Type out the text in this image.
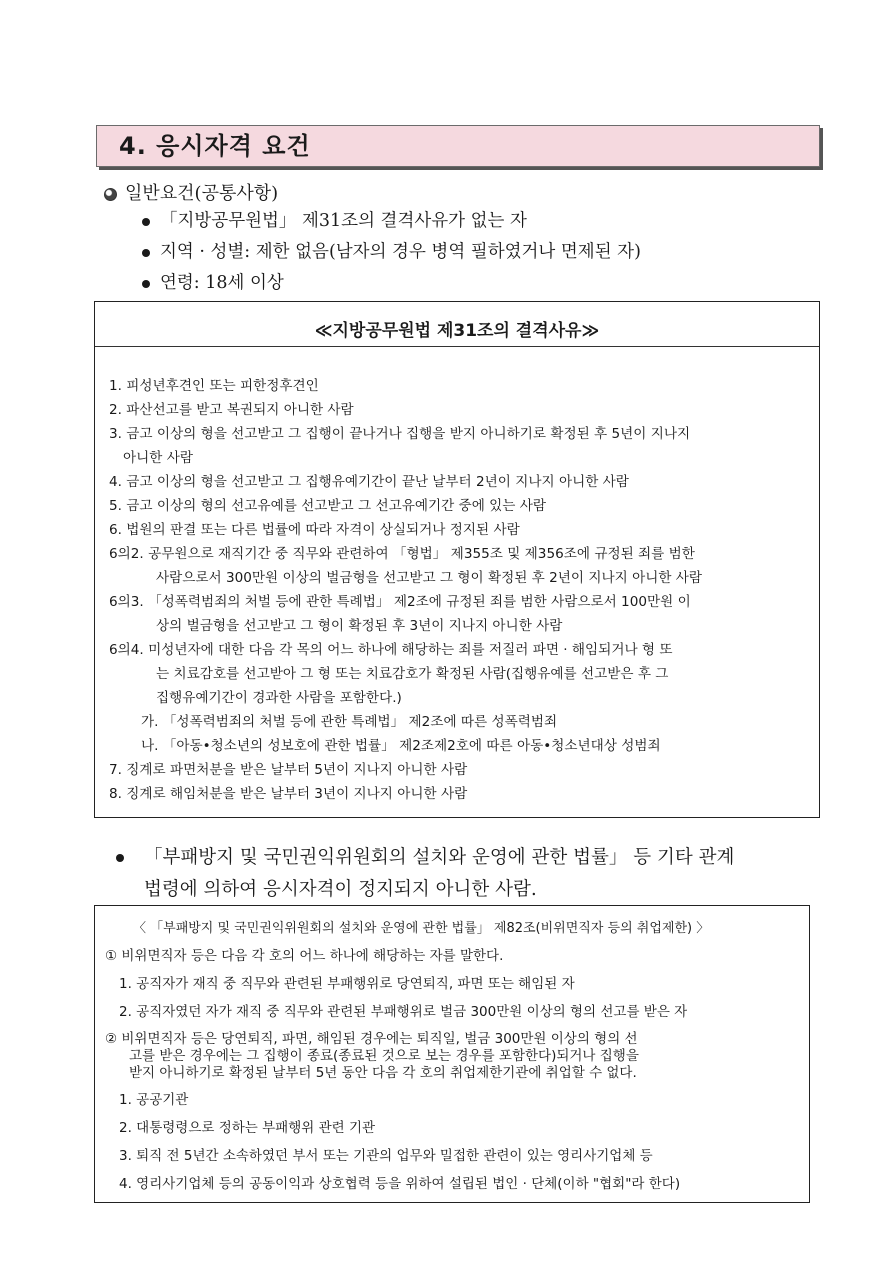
4. 응시자격 요건
일반요건(공통사항)
「지방공무원법」 제31조의 결격사유가 없는 자
지역 · 성별: 제한 없음(남자의 경우 병역 필하였거나 면제된 자)
연령: 18세 이상
≪지방공무원법 제31조의 결격사유≫
1. 피성년후견인 또는 피한정후견인
2. 파산선고를 받고 복권되지 아니한 사람
3. 금고 이상의 형을 선고받고 그 집행이 끝나거나 집행을 받지 아니하기로 확정된 후 5년이 지나지
아니한 사람
4. 금고 이상의 형을 선고받고 그 집행유예기간이 끝난 날부터 2년이 지나지 아니한 사람
5. 금고 이상의 형의 선고유예를 선고받고 그 선고유예기간 중에 있는 사람
6. 법원의 판결 또는 다른 법률에 따라 자격이 상실되거나 정지된 사람
6의2. 공무원으로 재직기간 중 직무와 관련하여 「형법」 제355조 및 제356조에 규정된 죄를 범한
사람으로서 300만원 이상의 벌금형을 선고받고 그 형이 확정된 후 2년이 지나지 아니한 사람
6의3. 「성폭력범죄의 처벌 등에 관한 특례법」 제2조에 규정된 죄를 범한 사람으로서 100만원 이
상의 벌금형을 선고받고 그 형이 확정된 후 3년이 지나지 아니한 사람
6의4. 미성년자에 대한 다음 각 목의 어느 하나에 해당하는 죄를 저질러 파면 · 해임되거나 형 또
는 치료감호를 선고받아 그 형 또는 치료감호가 확정된 사람(집행유예를 선고받은 후 그
집행유예기간이 경과한 사람을 포함한다.)
가. 「성폭력범죄의 처벌 등에 관한 특례법」 제2조에 따른 성폭력범죄
나. 「아동•청소년의 성보호에 관한 법률」 제2조제2호에 따른 아동•청소년대상 성범죄
7. 징계로 파면처분을 받은 날부터 5년이 지나지 아니한 사람
8. 징계로 해임처분을 받은 날부터 3년이 지나지 아니한 사람
「부패방지 및 국민권익위원회의 설치와 운영에 관한 법률」 등 기타 관계
법령에 의하여 응시자격이 정지되지 아니한 사람.
〈 「부패방지 및 국민권익위원회의 설치와 운영에 관한 법률」 제82조(비위면직자 등의 취업제한) 〉
① 비위면직자 등은 다음 각 호의 어느 하나에 해당하는 자를 말한다.
1. 공직자가 재직 중 직무와 관련된 부패행위로 당연퇴직, 파면 또는 해임된 자
2. 공직자였던 자가 재직 중 직무와 관련된 부패행위로 벌금 300만원 이상의 형의 선고를 받은 자
② 비위면직자 등은 당연퇴직, 파면, 해임된 경우에는 퇴직일, 벌금 300만원 이상의 형의 선
고를 받은 경우에는 그 집행이 종료(종료된 것으로 보는 경우를 포함한다)되거나 집행을
받지 아니하기로 확정된 날부터 5년 동안 다음 각 호의 취업제한기관에 취업할 수 없다.
1. 공공기관
2. 대통령령으로 정하는 부패행위 관련 기관
3. 퇴직 전 5년간 소속하였던 부서 또는 기관의 업무와 밀접한 관련이 있는 영리사기업체 등
4. 영리사기업체 등의 공동이익과 상호협력 등을 위하여 설립된 법인 · 단체(이하 "협회"라 한다)
